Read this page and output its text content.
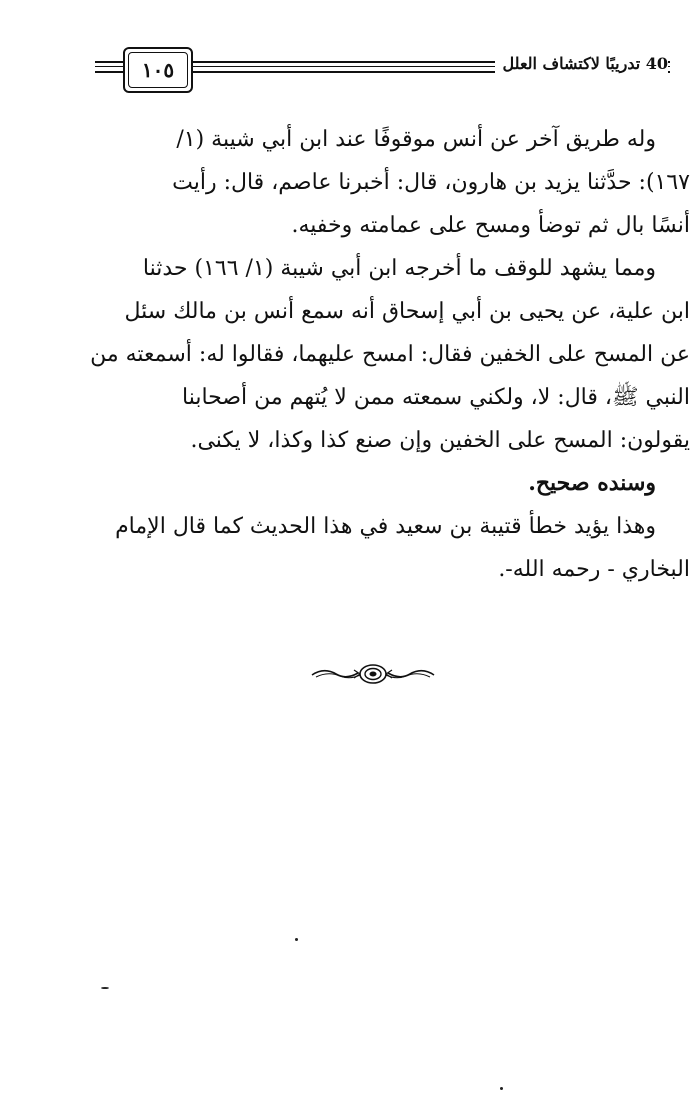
١٠٥	40 تدريبًا لاكتشاف العلل

وله طريق آخر عن أنس موقوفًا عند ابن أبي شيبة (١/
١٦٧): حدَّثنا يزيد بن هارون، قال: أخبرنا عاصم، قال: رأيت
أنسًا بال ثم توضأ ومسح على عمامته وخفيه.

ومما يشهد للوقف ما أخرجه ابن أبي شيبة (١/ ١٦٦) حدثنا
ابن علية، عن يحيى بن أبي إسحاق أنه سمع أنس بن مالك سئل
عن المسح على الخفين فقال: امسح عليهما، فقالوا له: أسمعته من
النبي ﷺ، قال: لا، ولكني سمعته ممن لا يُتهم من أصحابنا
يقولون: المسح على الخفين وإن صنع كذا وكذا، لا يكنى.

وسنده صحيح.

وهذا يؤيد خطأ قتيبة بن سعيد في هذا الحديث كما قال الإمام
البخاري - رحمه الله-.
